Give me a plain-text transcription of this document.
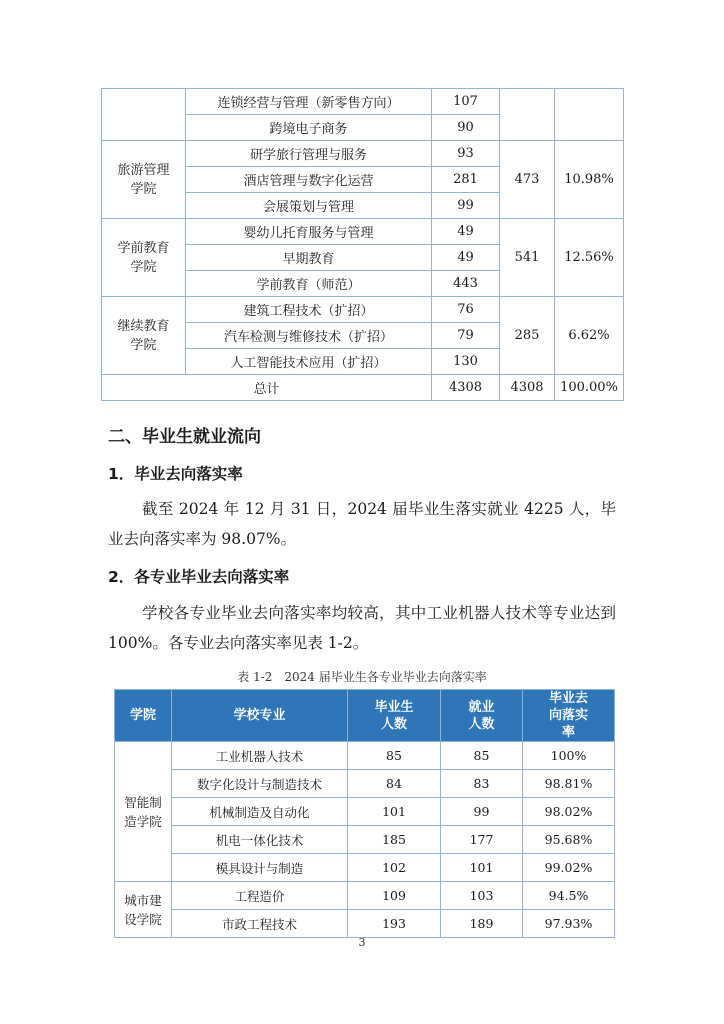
	连锁经营与管理（新零售方向）	107		
	跨境电子商务	90		
旅游管理学院	研学旅行管理与服务	93	473	10.98%
	酒店管理与数字化运营	281		
	会展策划与管理	99		
学前教育学院	婴幼儿托育服务与管理	49	541	12.56%
	早期教育	49		
	学前教育（师范）	443		
继续教育学院	建筑工程技术（扩招）	76	285	6.62%
	汽车检测与维修技术（扩招）	79		
	人工智能技术应用（扩招）	130		
总计		4308	4308	100.00%
二、毕业生就业流向
1．毕业去向落实率

截至 2024 年 12 月 31 日，2024 届毕业生落实就业 4225 人，毕业去向落实率为 98.07%。

2．各专业毕业去向落实率

学校各专业毕业去向落实率均较高，其中工业机器人技术等专业达到 100%。各专业去向落实率见表 1-2。

表 1-2　2024 届毕业生各专业毕业去向落实率
学院	学校专业	毕业生人数	就业人数	毕业去向落实率
智能制造学院	工业机器人技术	85	85	100%
	数字化设计与制造技术	84	83	98.81%
	机械制造及自动化	101	99	98.02%
	机电一体化技术	185	177	95.68%
	模具设计与制造	102	101	99.02%
城市建设学院	工程造价	109	103	94.5%
	市政工程技术	193	189	97.93%
3
